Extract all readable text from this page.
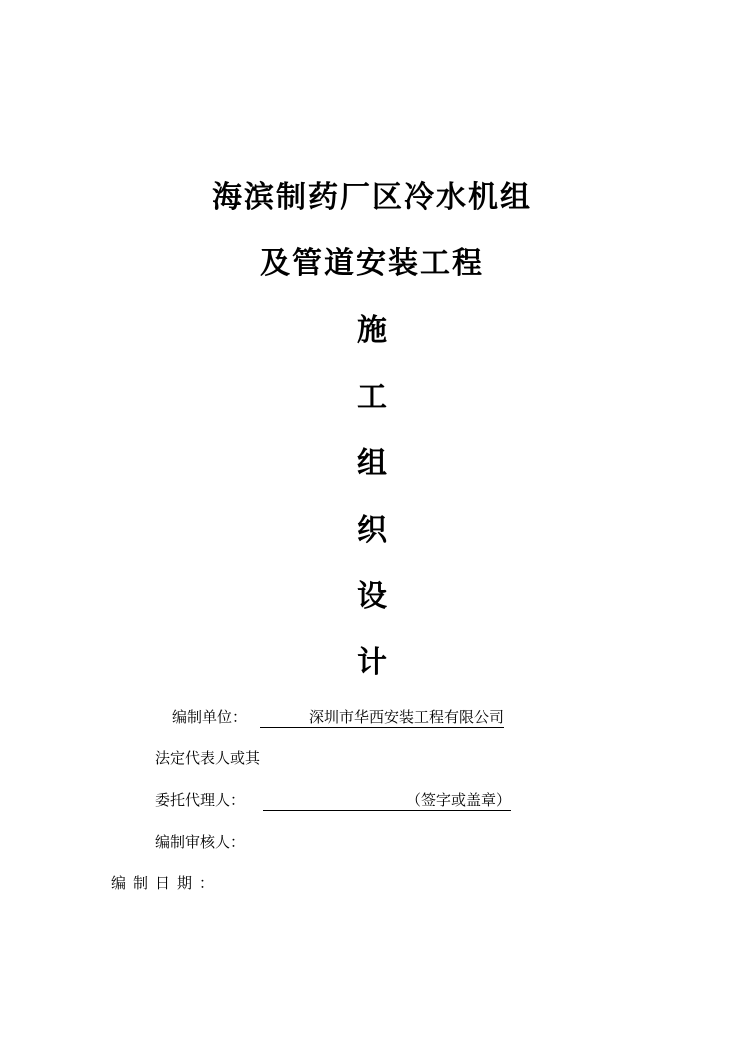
海滨制药厂区冷水机组
及管道安装工程
施
工
组
织
设
计
编制单位：	深圳市华西安装工程有限公司
法定代表人或其
委托代理人：	（签字或盖章）
编制审核人：
编制日期：
